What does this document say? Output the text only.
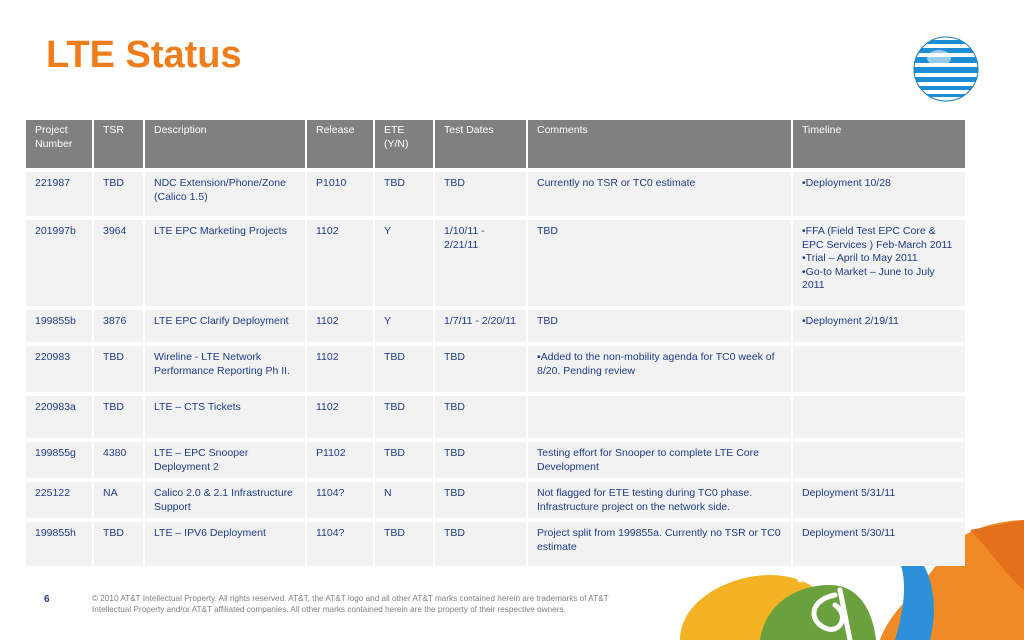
LTE Status
Project Number	TSR	Description	Release	ETE (Y/N)	Test Dates	Comments	Timeline
221987	TBD	NDC Extension/Phone/Zone (Calico 1.5)	P1010	TBD	TBD	Currently no TSR or TC0 estimate	•Deployment 10/28
201997b	3964	LTE EPC Marketing Projects	1102	Y	1/10/11 - 2/21/11	TBD	•FFA (Field Test EPC Core & EPC Services ) Feb-March 2011
•Trial – April to May 2011
•Go-to Market – June to July 2011
199855b	3876	LTE EPC Clarify Deployment	1102	Y	1/7/11 - 2/20/11	TBD	•Deployment 2/19/11
220983	TBD	Wireline - LTE Network Performance Reporting Ph II.	1102	TBD	TBD	•Added to the non-mobility agenda for TC0 week of 8/20. Pending review	
220983a	TBD	LTE – CTS Tickets	1102	TBD	TBD		
199855g	4380	LTE – EPC Snooper Deployment 2	P1102	TBD	TBD	Testing effort for Snooper to complete LTE Core Development	
225122	NA	Calico 2.0 & 2.1 Infrastructure Support	1104?	N	TBD	Not flagged for ETE testing during TC0 phase. Infrastructure project on the network side.	Deployment 5/31/11
199855h	TBD	LTE – IPV6 Deployment	1104?	TBD	TBD	Project split from 199855a. Currently no TSR or TC0 estimate	Deployment 5/30/11
6	© 2010 AT&T Intellectual Property. All rights reserved. AT&T, the AT&T logo and all other AT&T marks contained herein are trademarks of AT&T Intellectual Property and/or AT&T affiliated companies. All other marks contained herein are the property of their respective owners.
